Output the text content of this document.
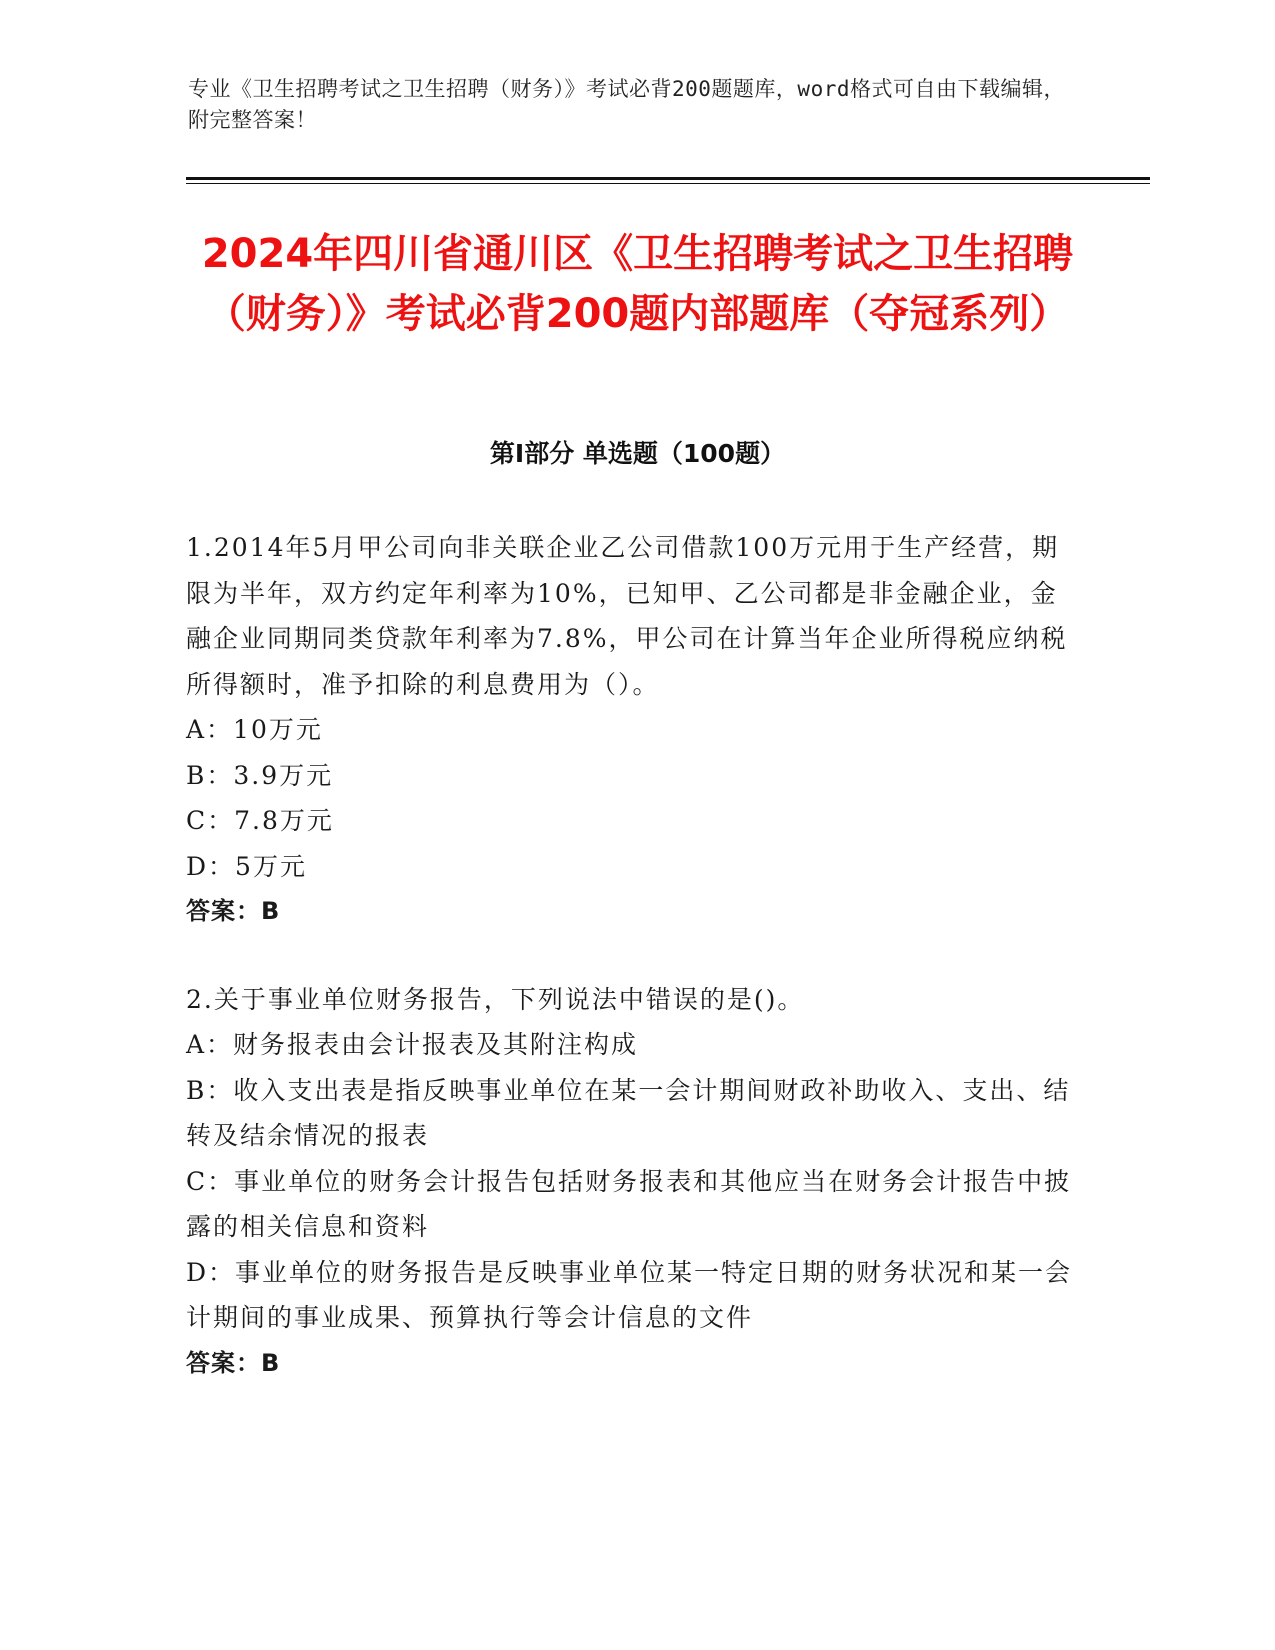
专业《卫生招聘考试之卫生招聘（财务）》考试必背200题题库，word格式可自由下载编辑，附完整答案！
2024年四川省通川区《卫生招聘考试之卫生招聘（财务）》考试必背200题内部题库（夺冠系列）
第I部分 单选题（100题）

1.2014年5月甲公司向非关联企业乙公司借款100万元用于生产经营，期限为半年，双方约定年利率为10%，已知甲、乙公司都是非金融企业，金融企业同期同类贷款年利率为7.8%，甲公司在计算当年企业所得税应纳税所得额时，准予扣除的利息费用为（）。

A：10万元

B：3.9万元

C：7.8万元

D：5万元

答案：B

2.关于事业单位财务报告，下列说法中错误的是()。

A：财务报表由会计报表及其附注构成

B：收入支出表是指反映事业单位在某一会计期间财政补助收入、支出、结转及结余情况的报表

C：事业单位的财务会计报告包括财务报表和其他应当在财务会计报告中披露的相关信息和资料

D：事业单位的财务报告是反映事业单位某一特定日期的财务状况和某一会计期间的事业成果、预算执行等会计信息的文件

答案：B
